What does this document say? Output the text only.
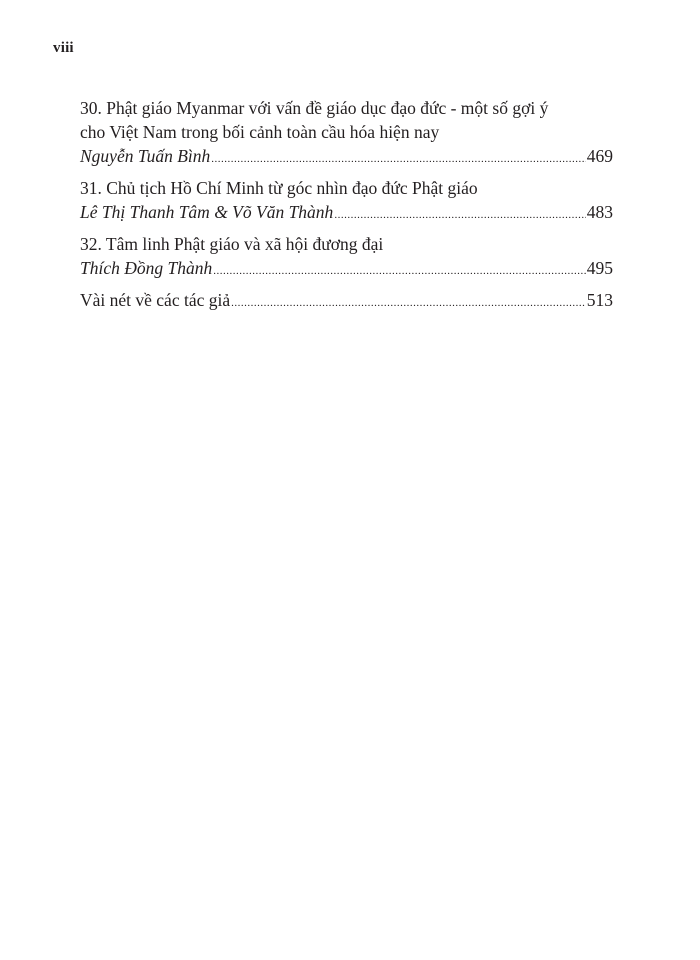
viii
30. Phật giáo Myanmar với vấn đề giáo dục đạo đức - một số gợi ý
cho Việt Nam trong bối cảnh toàn cầu hóa hiện nay
Nguyễn Tuấn Bình .....	469
31. Chủ tịch Hồ Chí Minh từ góc nhìn đạo đức Phật giáo
Lê Thị Thanh Tâm & Võ Văn Thành .....	483
32. Tâm linh Phật giáo và xã hội đương đại
Thích Đồng Thành .....	495
Vài nét về các tác giả .....	513
